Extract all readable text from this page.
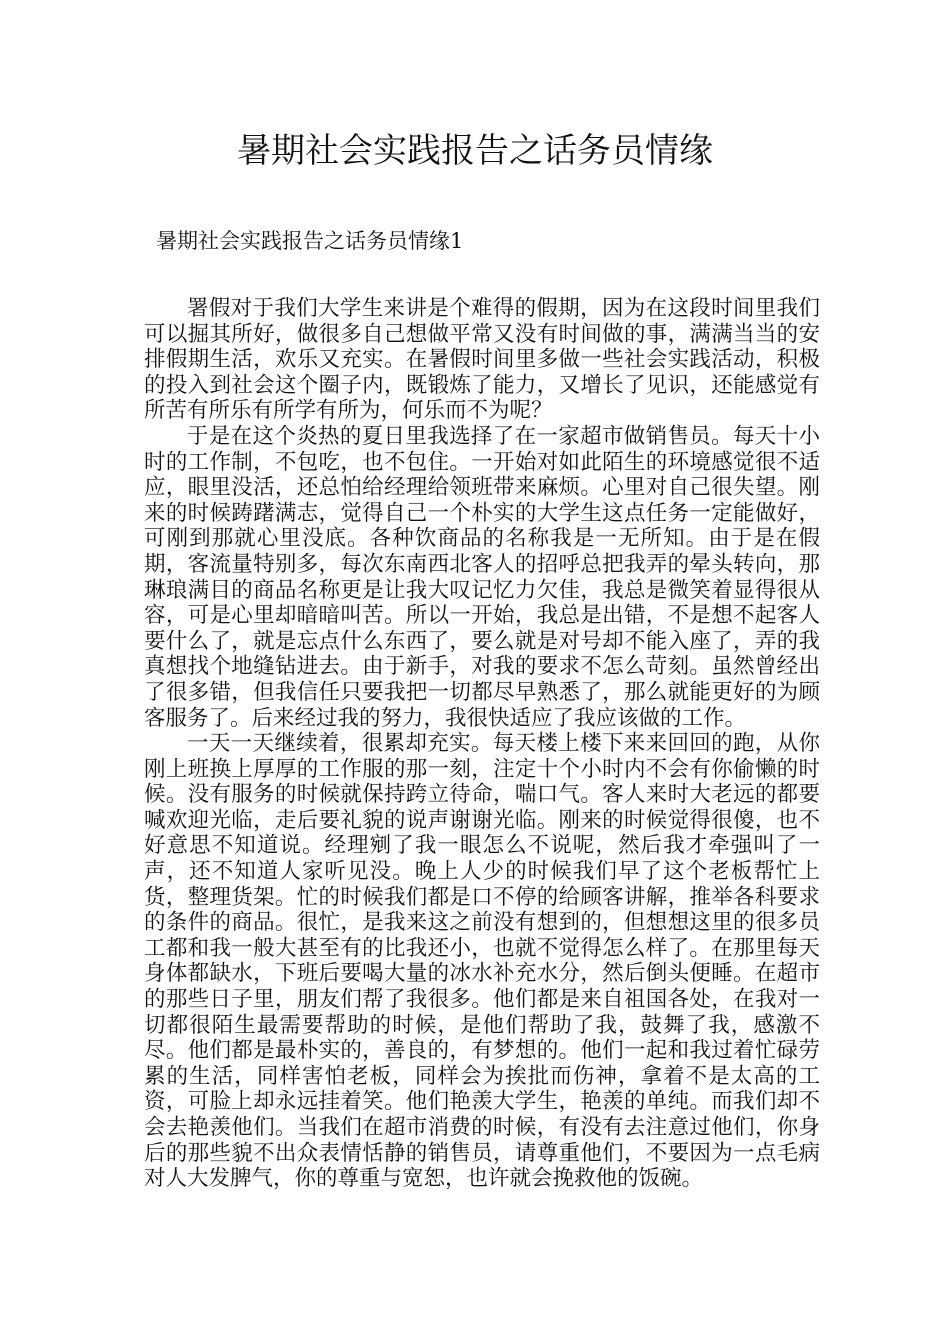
暑期社会实践报告之话务员情缘
暑期社会实践报告之话务员情缘1

署假对于我们大学生来讲是个难得的假期，因为在这段时间里我们可以掘其所好，做很多自己想做平常又没有时间做的事，满满当当的安排假期生活，欢乐又充实。在暑假时间里多做一些社会实践活动，积极的投入到社会这个圈子内，既锻炼了能力，又增长了见识，还能感觉有所苦有所乐有所学有所为，何乐而不为呢？

于是在这个炎热的夏日里我选择了在一家超市做销售员。每天十小时的工作制，不包吃，也不包住。一开始对如此陌生的环境感觉很不适应，眼里没活，还总怕给经理给领班带来麻烦。心里对自己很失望。刚来的时候踌躇满志，觉得自己一个朴实的大学生这点任务一定能做好，可刚到那就心里没底。各种饮商品的名称我是一无所知。由于是在假期，客流量特别多，每次东南西北客人的招呼总把我弄的晕头转向，那琳琅满目的商品名称更是让我大叹记忆力欠佳，我总是微笑着显得很从容，可是心里却暗暗叫苦。所以一开始，我总是出错，不是想不起客人要什么了，就是忘点什么东西了，要么就是对号却不能入座了，弄的我真想找个地缝钻进去。由于新手，对我的要求不怎么苛刻。虽然曾经出了很多错，但我信任只要我把一切都尽早熟悉了，那么就能更好的为顾客服务了。后来经过我的努力，我很快适应了我应该做的工作。

一天一天继续着，很累却充实。每天楼上楼下来来回回的跑，从你刚上班换上厚厚的工作服的那一刻，注定十个小时内不会有你偷懒的时候。没有服务的时候就保持跨立待命，喘口气。客人来时大老远的都要喊欢迎光临，走后要礼貌的说声谢谢光临。刚来的时候觉得很傻，也不好意思不知道说。经理剜了我一眼怎么不说呢，然后我才牵强叫了一声，还不知道人家听见没。晚上人少的时候我们早了这个老板帮忙上货，整理货架。忙的时候我们都是口不停的给顾客讲解，推举各科要求的条件的商品。很忙，是我来这之前没有想到的，但想想这里的很多员工都和我一般大甚至有的比我还小，也就不觉得怎么样了。在那里每天身体都缺水，下班后要喝大量的冰水补充水分，然后倒头便睡。在超市的那些日子里，朋友们帮了我很多。他们都是来自祖国各处，在我对一切都很陌生最需要帮助的时候，是他们帮助了我，鼓舞了我，感激不尽。他们都是最朴实的，善良的，有梦想的。他们一起和我过着忙碌劳累的生活，同样害怕老板，同样会为挨批而伤神，拿着不是太高的工资，可脸上却永远挂着笑。他们艳羡大学生，艳羡的单纯。而我们却不会去艳羡他们。当我们在超市消费的时候，有没有去注意过他们，你身后的那些貌不出众表情恬静的销售员，请尊重他们，不要因为一点毛病对人大发脾气，你的尊重与宽恕，也许就会挽救他的饭碗。
